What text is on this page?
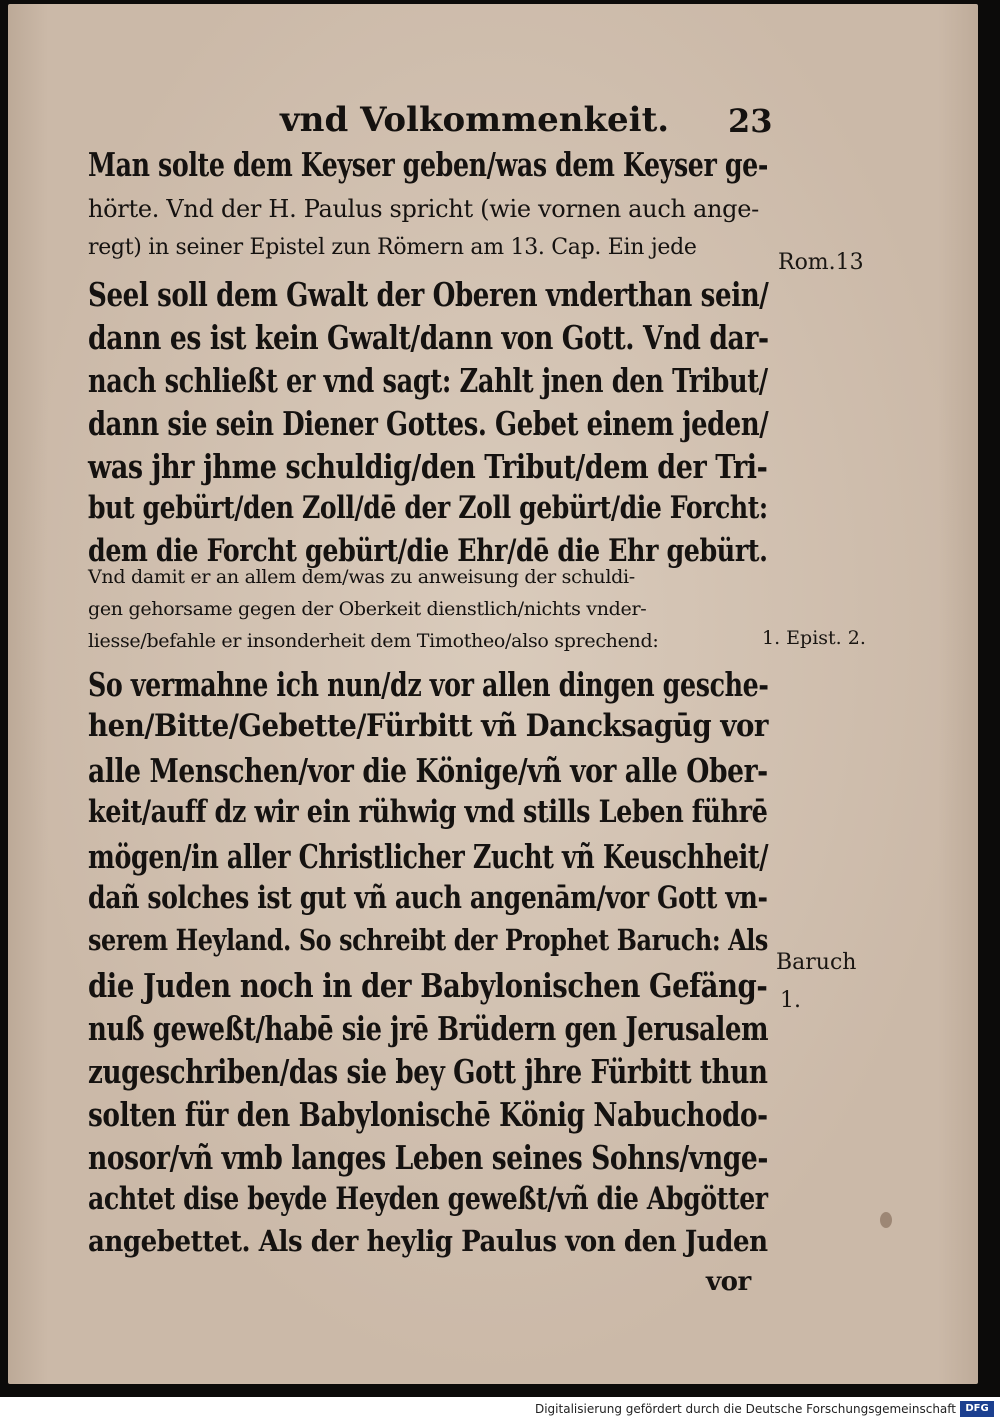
vnd Volkommenkeit. 23
Man solte dem Keyser geben/was dem Keyser ge-
hörte. Vnd der H. Paulus spricht (wie vornen auch ange-
regt) in seiner Epistel zun Römern am 13. Cap. Ein jede
Seel soll dem Gwalt der Oberen vnderthan sein/
dann es ist kein Gwalt/dann von Gott. Vnd dar-
nach schließt er vnd sagt: Zahlt jnen den Tribut/
dann sie sein Diener Gottes. Gebet einem jeden/
was jhr jhme schuldig/den Tribut/dem der Tri-
but gebürt/den Zoll/dē der Zoll gebürt/die Forcht:
dem die Forcht gebürt/die Ehr/dē die Ehr gebürt.
Vnd damit er an allem dem/was zu anweisung der schuldi-
gen gehorsame gegen der Oberkeit dienstlich/nichts vnder-
liesse/befahle er insonderheit dem Timotheo/also sprechend:
So vermahne ich nun/dz vor allen dingen gesche-
hen/Bitte/Gebette/Fürbitt vñ Dancksagūg vor
alle Menschen/vor die Könige/vñ vor alle Ober-
keit/auff dz wir ein rühwig vnd stills Leben führē
mögen/in aller Christlicher Zucht vñ Keuschheit/
dañ solches ist gut vñ auch angenām/vor Gott vn-
serem Heyland. So schreibt der Prophet Baruch: Als
die Juden noch in der Babylonischen Gefäng-
nuß geweßt/habē sie jrē Brüdern gen Jerusalem
zugeschriben/das sie bey Gott jhre Fürbitt thun
solten für den Babylonischē König Nabuchodo-
nosor/vñ vmb langes Leben seines Sohns/vnge-
achtet dise beyde Heyden geweßt/vñ die Abgötter
angebettet. Als der heylig Paulus von den Juden
vor
Rom.13
1. Epist. 2.
Baruch
1.
Digitalisierung gefördert durch die Deutsche Forschungsgemeinschaft DFG
